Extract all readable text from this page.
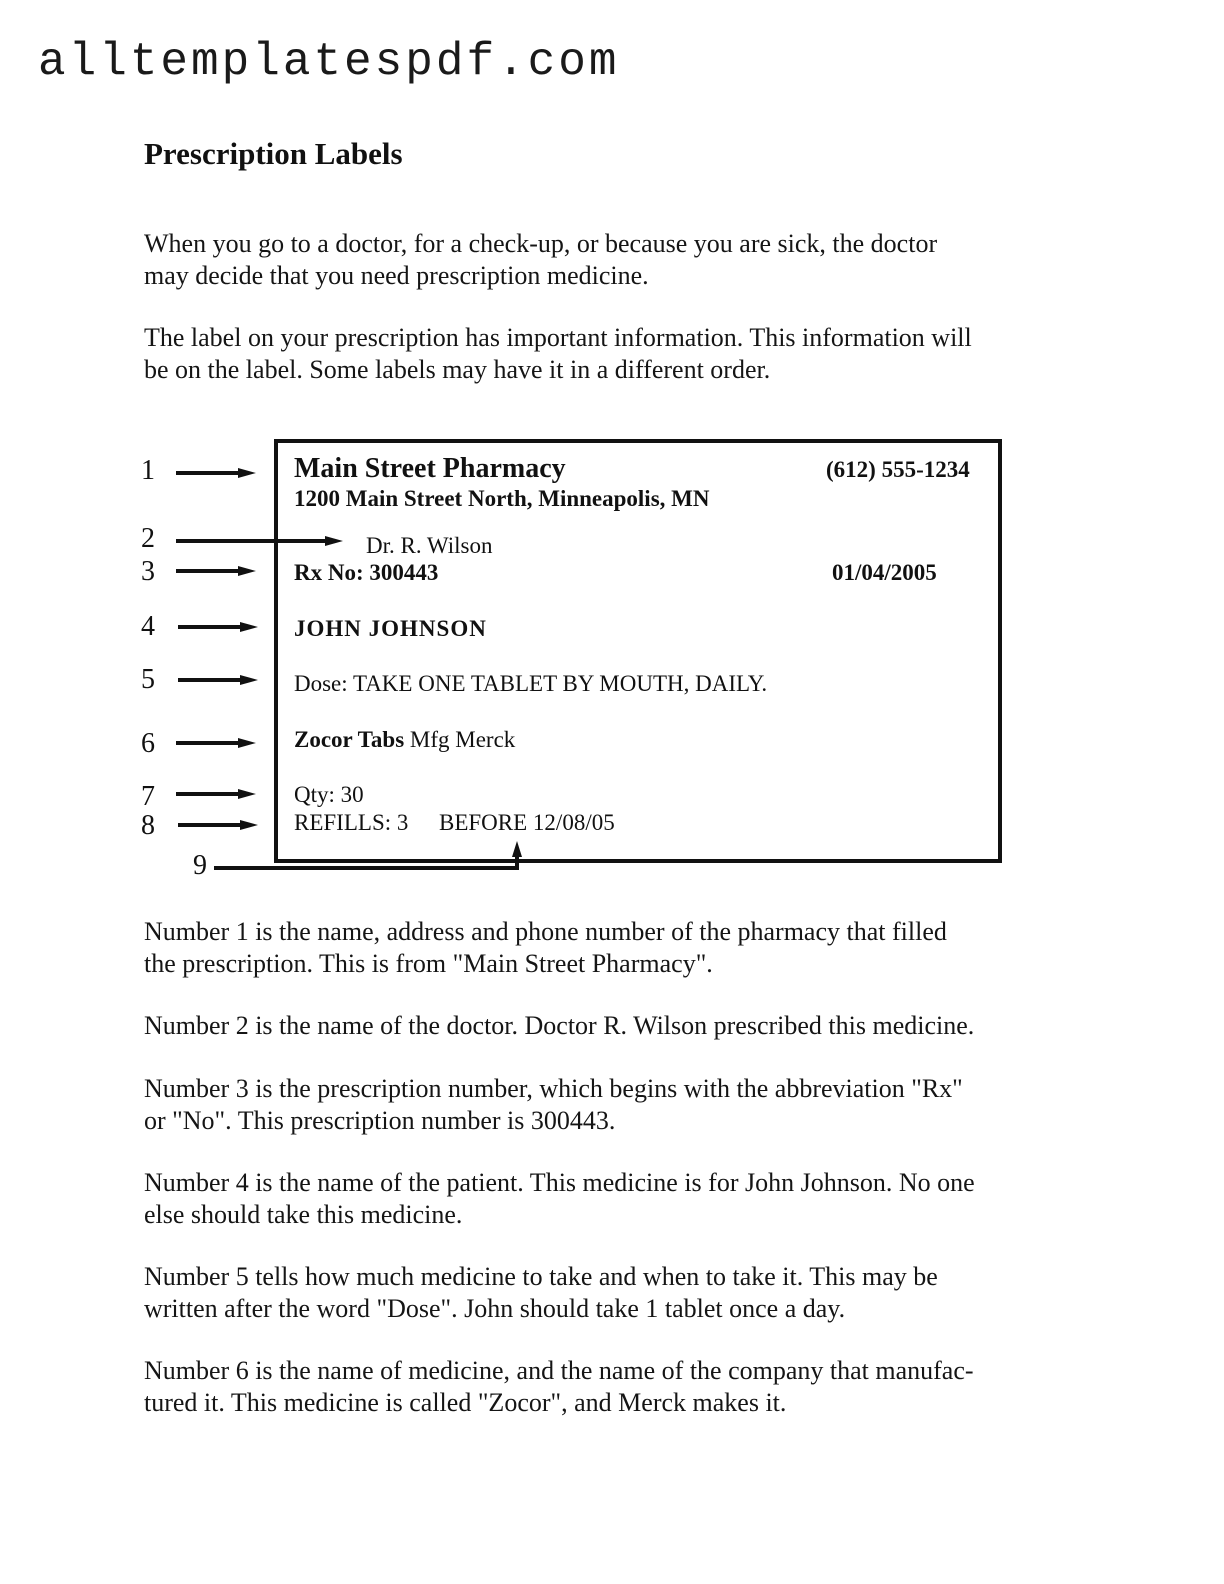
alltemplatespdf.com
Prescription Labels
When you go to a doctor, for a check-up, or because you are sick, the doctor
may decide that you need prescription medicine.
The label on your prescription has important information. This information will
be on the label. Some labels may have it in a different order.
1
2
3
4
5
6
7
8
9
Main Street Pharmacy	(612) 555-1234
1200 Main Street North, Minneapolis, MN
Dr. R. Wilson
Rx No: 300443	01/04/2005
JOHN JOHNSON
Dose: TAKE ONE TABLET BY MOUTH, DAILY.
Zocor Tabs Mfg Merck
Qty: 30
REFILLS: 3 BEFORE 12/08/05
Number 1 is the name, address and phone number of the pharmacy that filled
the prescription. This is from "Main Street Pharmacy".
Number 2 is the name of the doctor. Doctor R. Wilson prescribed this medicine.
Number 3 is the prescription number, which begins with the abbreviation "Rx"
or "No". This prescription number is 300443.
Number 4 is the name of the patient. This medicine is for John Johnson. No one
else should take this medicine.
Number 5 tells how much medicine to take and when to take it. This may be
written after the word "Dose". John should take 1 tablet once a day.
Number 6 is the name of medicine, and the name of the company that manufac-
tured it. This medicine is called "Zocor", and Merck makes it.
